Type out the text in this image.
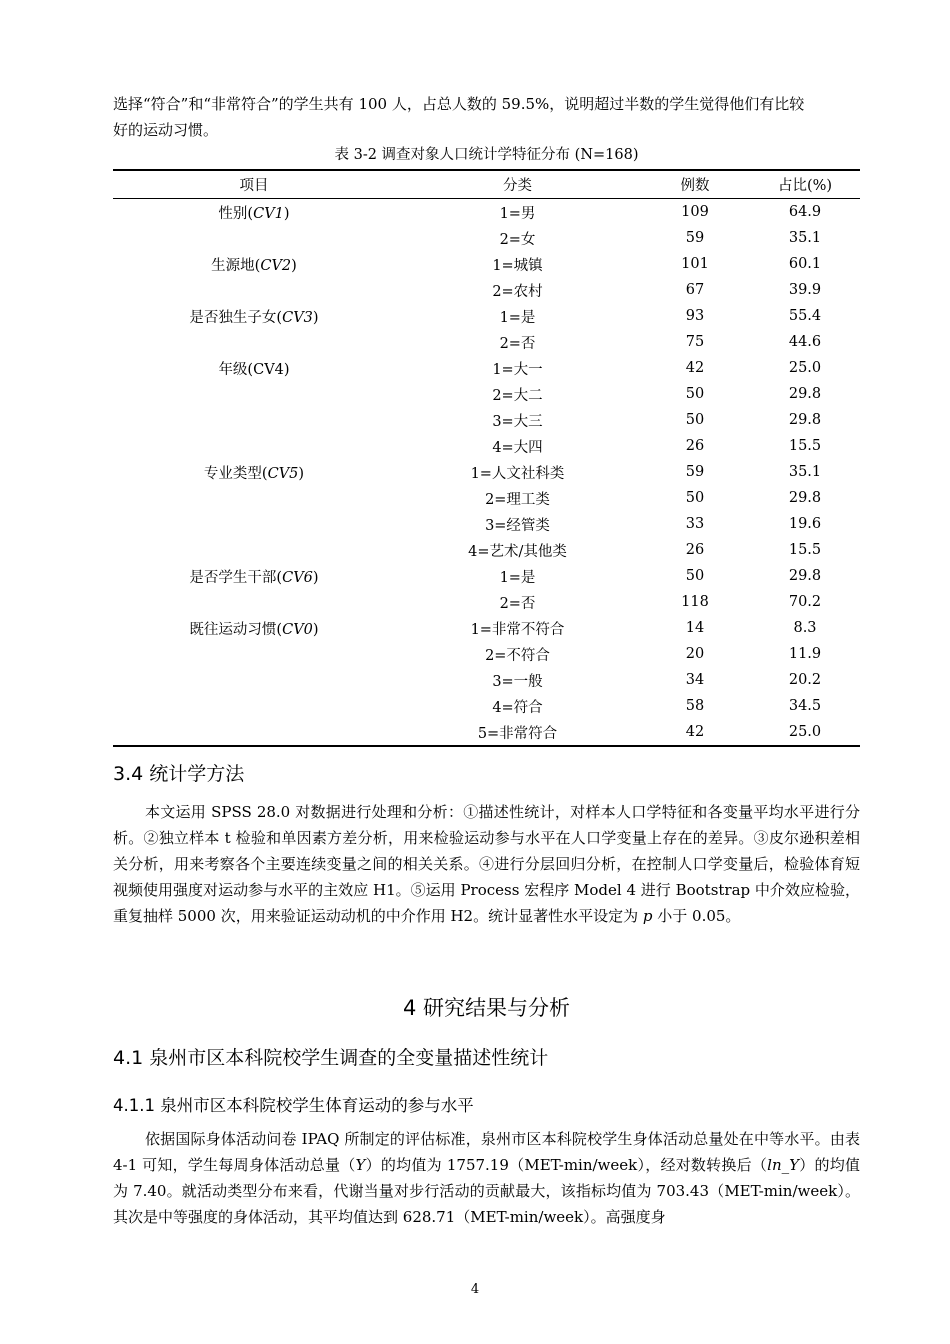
选择“符合”和“非常符合”的学生共有 100 人，占总人数的 59.5%，说明超过半数的学生觉得他们有比较

好的运动习惯。

表 3-2 调查对象人口统计学特征分布 (N=168)
项目	分类	例数	占比(%)
性别(CV1)	1=男	109	64.9
	2=女	59	35.1
生源地(CV2)	1=城镇	101	60.1
	2=农村	67	39.9
是否独生子女(CV3)	1=是	93	55.4
	2=否	75	44.6
年级(CV4)	1=大一	42	25.0
	2=大二	50	29.8
	3=大三	50	29.8
	4=大四	26	15.5
专业类型(CV5)	1=人文社科类	59	35.1
	2=理工类	50	29.8
	3=经管类	33	19.6
	4=艺术/其他类	26	15.5
是否学生干部(CV6)	1=是	50	29.8
	2=否	118	70.2
既往运动习惯(CV0)	1=非常不符合	14	8.3
	2=不符合	20	11.9
	3=一般	34	20.2
	4=符合	58	34.5
	5=非常符合	42	25.0
3.4 统计学方法
本文运用 SPSS 28.0 对数据进行处理和分析：①描述性统计，对样本人口学特征和各变量平均水平进行分析。②独立样本 t 检验和单因素方差分析，用来检验运动参与水平在人口学变量上存在的差异。③皮尔逊积差相关分析，用来考察各个主要连续变量之间的相关关系。④进行分层回归分析，在控制人口学变量后，检验体育短视频使用强度对运动参与水平的主效应 H1。⑤运用 Process 宏程序 Model 4 进行 Bootstrap 中介效应检验，重复抽样 5000 次，用来验证运动动机的中介作用 H2。统计显著性水平设定为 p 小于 0.05。
4 研究结果与分析
4.1 泉州市区本科院校学生调查的全变量描述性统计
4.1.1 泉州市区本科院校学生体育运动的参与水平
依据国际身体活动问卷 IPAQ 所制定的评估标准，泉州市区本科院校学生身体活动总量处在中等水平。由表 4-1 可知，学生每周身体活动总量（Y）的均值为 1757.19（MET-min/week），经对数转换后（ln_Y）的均值为 7.40。就活动类型分布来看，代谢当量对步行活动的贡献最大，该指标均值为 703.43（MET-min/week）。其次是中等强度的身体活动，其平均值达到 628.71（MET-min/week）。高强度身
4
